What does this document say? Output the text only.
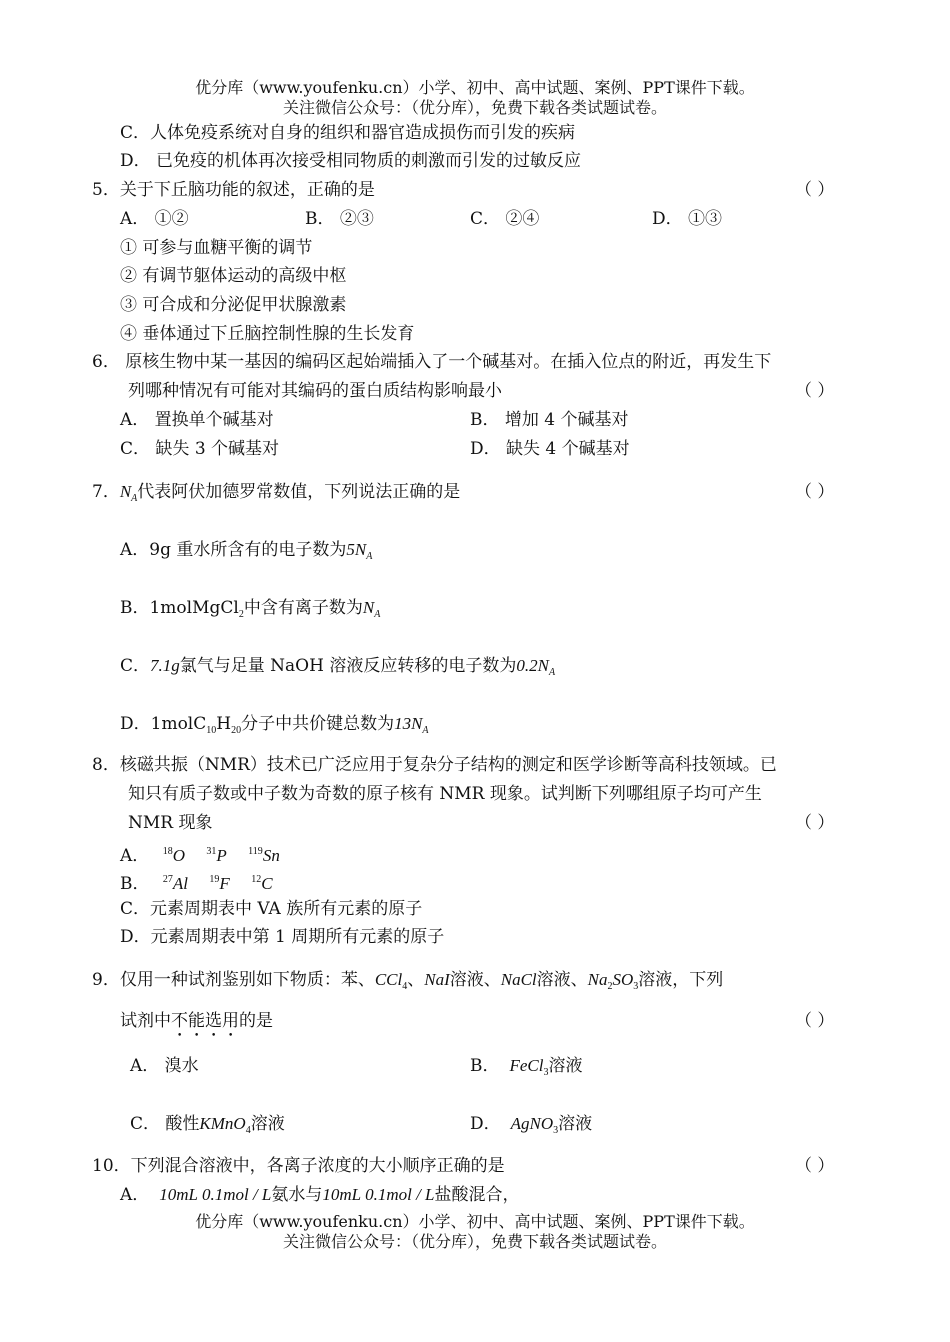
优分库（www.youfenku.cn）小学、初中、高中试题、案例、PPT课件下载。
关注微信公众号：（优分库），免费下载各类试题试卷。
C．人体免疫系统对自身的组织和器官造成损伤而引发的疾病
D． 已免疫的机体再次接受相同物质的刺激而引发的过敏反应
5．关于下丘脑功能的叙述，正确的是	（ ）
A． ①②	B． ②③	C． ②④	D． ①③
① 可参与血糖平衡的调节
② 有调节躯体运动的高级中枢
③ 可合成和分泌促甲状腺激素
④ 垂体通过下丘脑控制性腺的生长发育
6． 原核生物中某一基因的编码区起始端插入了一个碱基对。在插入位点的附近，再发生下
列哪种情况有可能对其编码的蛋白质结构影响最小	（ ）
A． 置换单个碱基对	B． 增加 4 个碱基对
C． 缺失 3 个碱基对	D． 缺失 4 个碱基对
7．$N_A$代表阿伏加德罗常数值，下列说法正确的是	（ ）
A．9g 重水所含有的电子数为$5N_A$
B．1molMgCl$_2$中含有离子数为$N_A$
C．7.1g氯气与足量 NaOH 溶液反应转移的电子数为$0.2N_A$
D．$1molC_{10}H_{20}$分子中共价键总数为$13N_A$
8．核磁共振（NMR）技术已广泛应用于复杂分子结构的测定和医学诊断等高科技领域。已
知只有质子数或中子数为奇数的原子核有 NMR 现象。试判断下列哪组原子均可产生
NMR 现象	（ ）
A． $^{18}$O $^{31}$P $^{119}$Sn
B． $^{27}$Al $^{19}$F $^{12}$C
C．元素周期表中 VA 族所有元素的原子
D．元素周期表中第 1 周期所有元素的原子
9．仅用一种试剂鉴别如下物质：苯、CCl$_4$、NaI溶液、NaCl溶液、$Na_2SO_3$溶液，下列
试剂中不能选用的是	（ ）
A． 溴水	B． FeCl$_3$溶液
C． 酸性KMnO$_4$溶液	D． AgNO$_3$溶液
10．下列混合溶液中，各离子浓度的大小顺序正确的是	（ ）
A． 10mL 0.1mol / L氨水与10mL 0.1mol / L盐酸混合，
优分库（www.youfenku.cn）小学、初中、高中试题、案例、PPT课件下载。
关注微信公众号：（优分库），免费下载各类试题试卷。
